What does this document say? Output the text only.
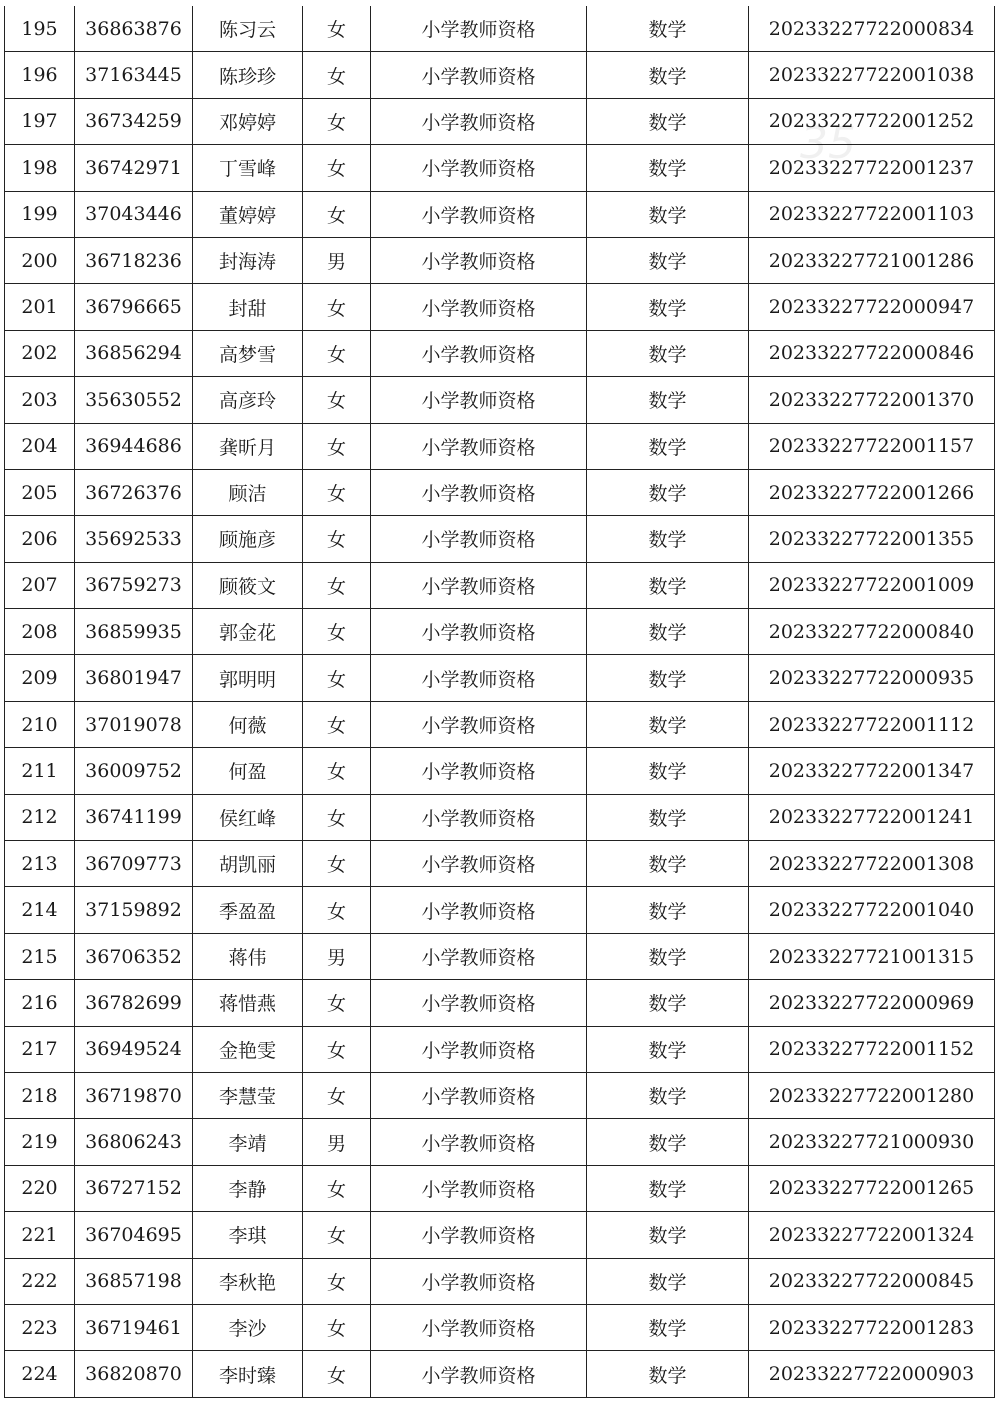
195	36863876	陈习云	女	小学教师资格	数学	20233227722000834
196	37163445	陈珍珍	女	小学教师资格	数学	20233227722001038
197	36734259	邓婷婷	女	小学教师资格	数学	20233227722001252
198	36742971	丁雪峰	女	小学教师资格	数学	20233227722001237
199	37043446	董婷婷	女	小学教师资格	数学	20233227722001103
200	36718236	封海涛	男	小学教师资格	数学	20233227721001286
201	36796665	封甜	女	小学教师资格	数学	20233227722000947
202	36856294	高梦雪	女	小学教师资格	数学	20233227722000846
203	35630552	高彦玲	女	小学教师资格	数学	20233227722001370
204	36944686	龚昕月	女	小学教师资格	数学	20233227722001157
205	36726376	顾洁	女	小学教师资格	数学	20233227722001266
206	35692533	顾施彦	女	小学教师资格	数学	20233227722001355
207	36759273	顾筱文	女	小学教师资格	数学	20233227722001009
208	36859935	郭金花	女	小学教师资格	数学	20233227722000840
209	36801947	郭明明	女	小学教师资格	数学	20233227722000935
210	37019078	何薇	女	小学教师资格	数学	20233227722001112
211	36009752	何盈	女	小学教师资格	数学	20233227722001347
212	36741199	侯红峰	女	小学教师资格	数学	20233227722001241
213	36709773	胡凯丽	女	小学教师资格	数学	20233227722001308
214	37159892	季盈盈	女	小学教师资格	数学	20233227722001040
215	36706352	蒋伟	男	小学教师资格	数学	20233227721001315
216	36782699	蒋惜燕	女	小学教师资格	数学	20233227722000969
217	36949524	金艳雯	女	小学教师资格	数学	20233227722001152
218	36719870	李慧莹	女	小学教师资格	数学	20233227722001280
219	36806243	李靖	男	小学教师资格	数学	20233227721000930
220	36727152	李静	女	小学教师资格	数学	20233227722001265
221	36704695	李琪	女	小学教师资格	数学	20233227722001324
222	36857198	李秋艳	女	小学教师资格	数学	20233227722000845
223	36719461	李沙	女	小学教师资格	数学	20233227722001283
224	36820870	李时臻	女	小学教师资格	数学	20233227722000903
35
